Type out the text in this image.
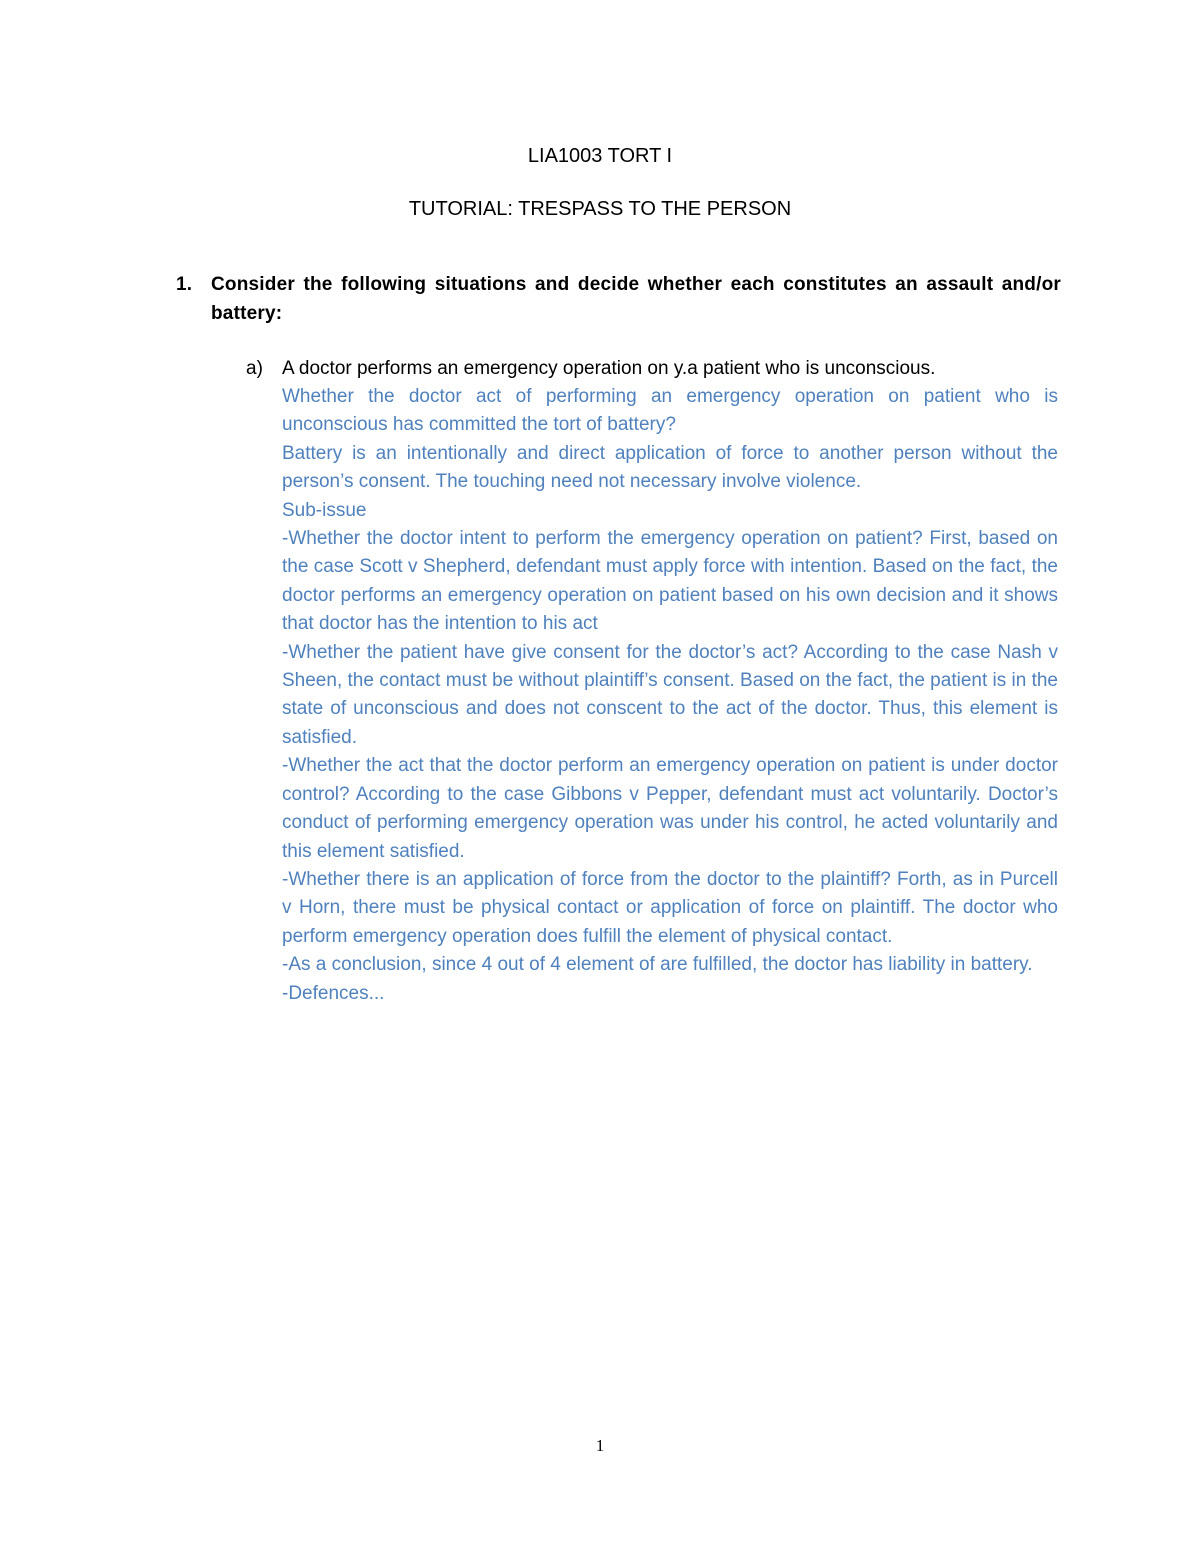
LIA1003 TORT I
TUTORIAL: TRESPASS TO THE PERSON
1. Consider the following situations and decide whether each constitutes an assault and/or battery:
a) A doctor performs an emergency operation on y.a patient who is unconscious.

Whether the doctor act of performing an emergency operation on patient who is unconscious has committed the tort of battery?

Battery is an intentionally and direct application of force to another person without the person’s consent. The touching need not necessary involve violence.

Sub-issue

-Whether the doctor intent to perform the emergency operation on patient? First, based on the case Scott v Shepherd, defendant must apply force with intention. Based on the fact, the doctor performs an emergency operation on patient based on his own decision and it shows that doctor has the intention to his act

-Whether the patient have give consent for the doctor’s act? According to the case Nash v Sheen, the contact must be without plaintiff’s consent. Based on the fact, the patient is in the state of unconscious and does not conscent to the act of the doctor. Thus, this element is satisfied.

-Whether the act that the doctor perform an emergency operation on patient is under doctor control? According to the case Gibbons v Pepper, defendant must act voluntarily. Doctor’s conduct of performing emergency operation was under his control, he acted voluntarily and this element satisfied.

-Whether there is an application of force from the doctor to the plaintiff? Forth, as in Purcell v Horn, there must be physical contact or application of force on plaintiff. The doctor who perform emergency operation does fulfill the element of physical contact.

-As a conclusion, since 4 out of 4 element of are fulfilled, the doctor has liability in battery.

-Defences...

1
